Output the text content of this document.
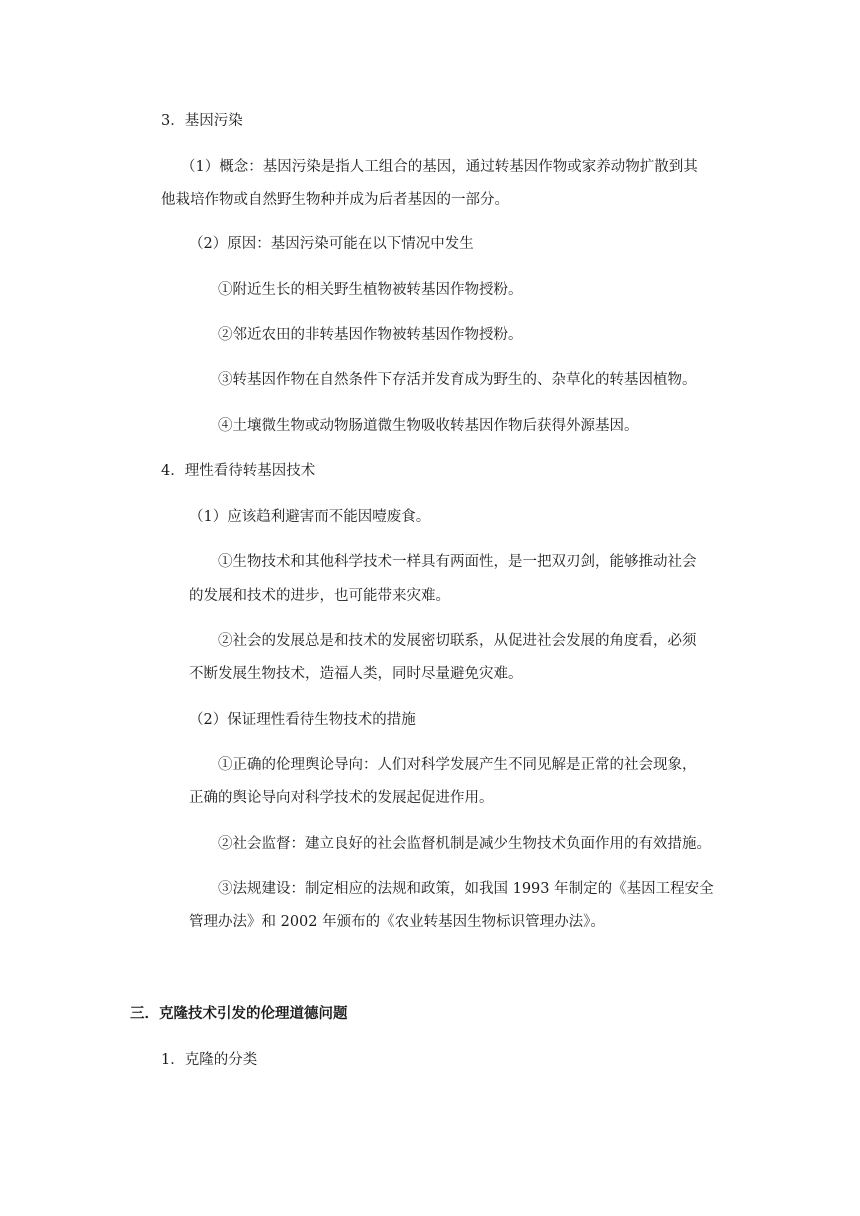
3．基因污染
（1）概念：基因污染是指人工组合的基因，通过转基因作物或家养动物扩散到其
他栽培作物或自然野生物种并成为后者基因的一部分。
（2）原因：基因污染可能在以下情况中发生
①附近生长的相关野生植物被转基因作物授粉。
②邻近农田的非转基因作物被转基因作物授粉。
③转基因作物在自然条件下存活并发育成为野生的、杂草化的转基因植物。
④土壤微生物或动物肠道微生物吸收转基因作物后获得外源基因。
4．理性看待转基因技术
（1）应该趋利避害而不能因噎废食。
①生物技术和其他科学技术一样具有两面性，是一把双刃剑，能够推动社会
的发展和技术的进步，也可能带来灾难。
②社会的发展总是和技术的发展密切联系，从促进社会发展的角度看，必须
不断发展生物技术，造福人类，同时尽量避免灾难。
（2）保证理性看待生物技术的措施
①正确的伦理舆论导向：人们对科学发展产生不同见解是正常的社会现象，
正确的舆论导向对科学技术的发展起促进作用。
②社会监督：建立良好的社会监督机制是减少生物技术负面作用的有效措施。
③法规建设：制定相应的法规和政策，如我国 1993 年制定的《基因工程安全
管理办法》和 2002 年颁布的《农业转基因生物标识管理办法》。
三．克隆技术引发的伦理道德问题
1．克隆的分类
